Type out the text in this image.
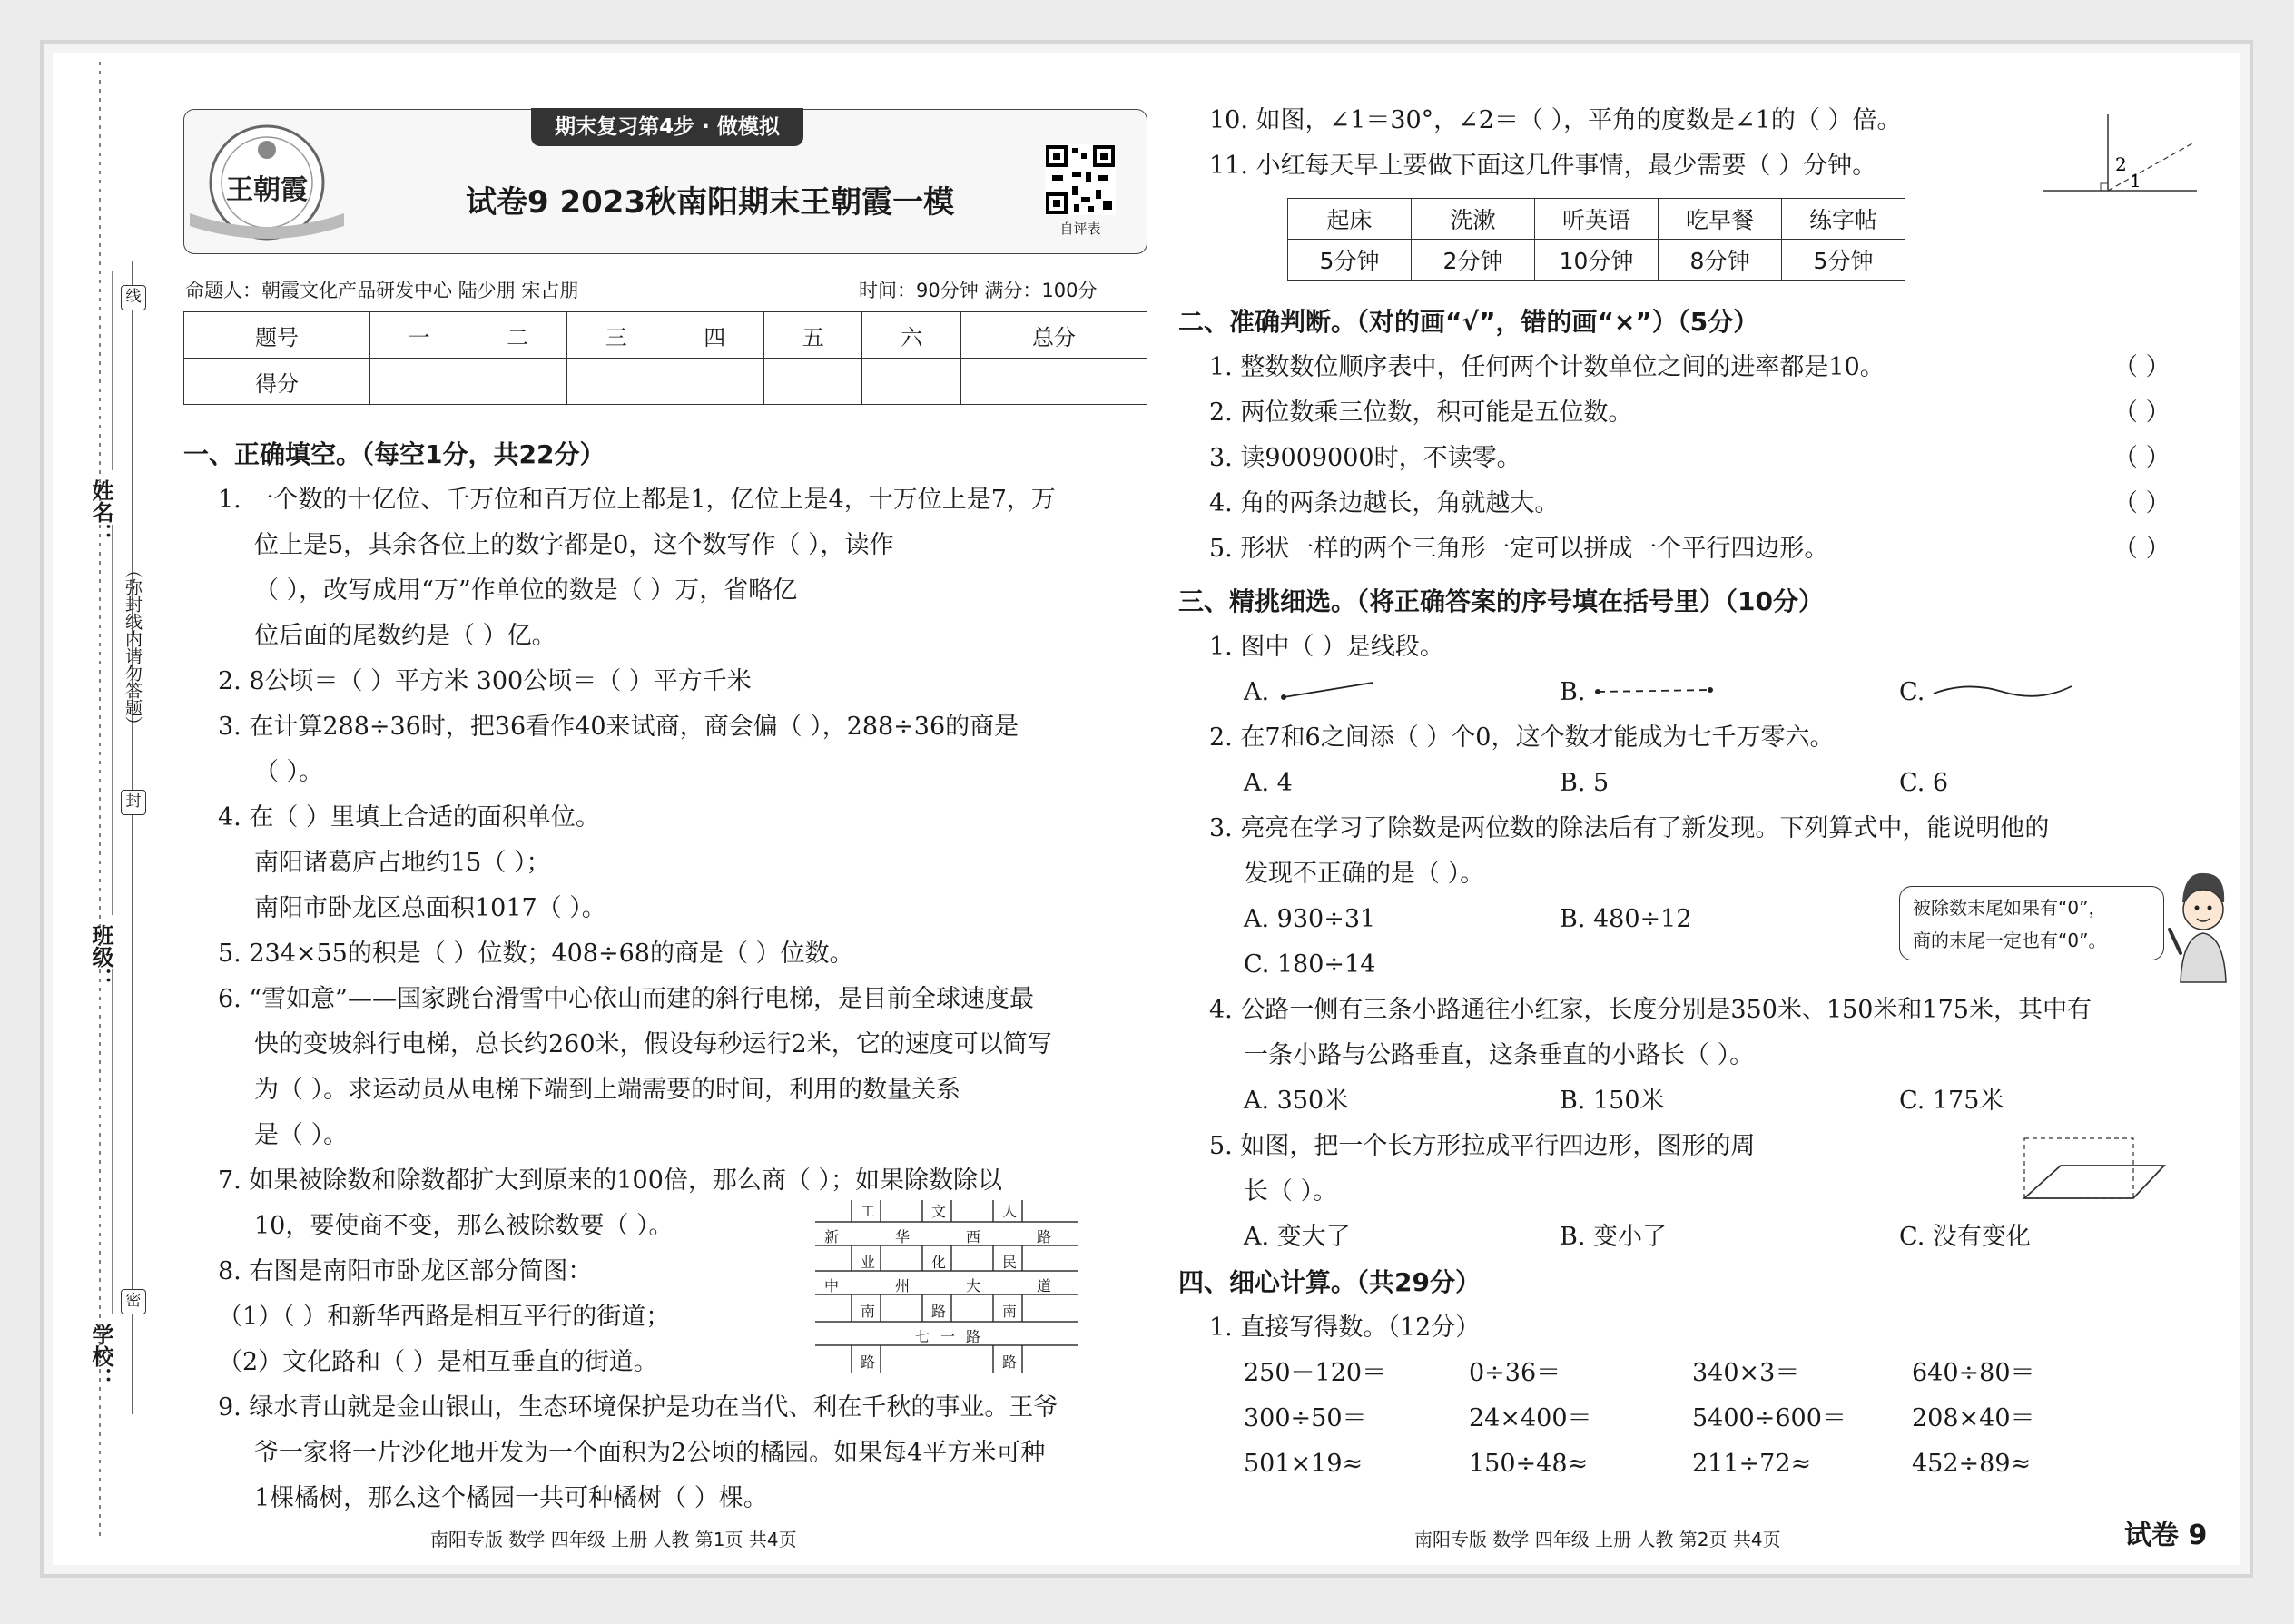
姓名：
班级：
学校：
（弥封线内请勿答题）
线
封
密
期末复习第4步 · 做模拟
王朝霞	试卷9 2023秋南阳期末王朝霞一模
自评表
命题人：朝霞文化产品研发中心 陆少朋 宋占朋	时间：90分钟 满分：100分
题号	一	二	三	四	五	六	总分
得分							
一、正确填空。（每空1分，共22分）
1. 一个数的十亿位、千万位和百万位上都是1，亿位上是4，十万位上是7，万
位上是5，其余各位上的数字都是0，这个数写作（ ），读作
（ ），改写成用“万”作单位的数是（ ）万，省略亿
位后面的尾数约是（ ）亿。
2. 8公顷＝（ ）平方米 300公顷＝（ ）平方千米
3. 在计算288÷36时，把36看作40来试商，商会偏（ ），288÷36的商是
（ ）。
4. 在（ ）里填上合适的面积单位。
南阳诸葛庐占地约15（ ）；
南阳市卧龙区总面积1017（ ）。
5. 234×55的积是（ ）位数；408÷68的商是（ ）位数。
6. “雪如意”——国家跳台滑雪中心依山而建的斜行电梯，是目前全球速度最
快的变坡斜行电梯，总长约260米，假设每秒运行2米，它的速度可以简写
为（ ）。求运动员从电梯下端到上端需要的时间，利用的数量关系
是（ ）。
7. 如果被除数和除数都扩大到原来的100倍，那么商（ ）；如果除数除以
10，要使商不变，那么被除数要（ ）。
8. 右图是南阳市卧龙区部分简图：
（1）（ ）和新华西路是相互平行的街道；
（2）文化路和（ ）是相互垂直的街道。
9. 绿水青山就是金山银山，生态环境保护是功在当代、利在千秋的事业。王爷
爷一家将一片沙化地开发为一个面积为2公顷的橘园。如果每4平方米可种
1棵橘树，那么这个橘园一共可种橘树（ ）棵。
工	文	人
新	华	西	路
业	化	民
中	州	大	道
南	路	南
七 一 路
路	路
南阳专版 数学 四年级 上册 人教 第1页 共4页
10. 如图，∠1＝30°，∠2＝（ ），平角的度数是∠1的（ ）倍。
11. 小红每天早上要做下面这几件事情，最少需要（ ）分钟。	2
1
起床	洗漱	听英语	吃早餐	练字帖
5分钟	2分钟	10分钟	8分钟	5分钟
二、准确判断。（对的画“√”，错的画“×”）（5分）
1. 整数数位顺序表中，任何两个计数单位之间的进率都是10。
2. 两位数乘三位数，积可能是五位数。
3. 读9009000时，不读零。
4. 角的两条边越长，角就越大。
5. 形状一样的两个三角形一定可以拼成一个平行四边形。
（ ）
（ ）
（ ）
（ ）
（ ）
三、精挑细选。（将正确答案的序号填在括号里）（10分）
1. 图中（ ）是线段。
A.	B.	C.
2. 在7和6之间添（ ）个0，这个数才能成为七千万零六。
A. 4	B. 5	C. 6
3. 亮亮在学习了除数是两位数的除法后有了新发现。下列算式中，能说明他的
发现不正确的是（ ）。
A. 930÷31	B. 480÷12
C. 180÷14
被除数末尾如果有“0”，
商的末尾一定也有“0”。
4. 公路一侧有三条小路通往小红家，长度分别是350米、150米和175米，其中有
一条小路与公路垂直，这条垂直的小路长（ ）。
A. 350米	B. 150米	C. 175米
5. 如图，把一个长方形拉成平行四边形，图形的周
长（ ）。
A. 变大了	B. 变小了	C. 没有变化
四、细心计算。（共29分）
1. 直接写得数。（12分）
250－120＝	0÷36＝	340×3＝	640÷80＝
300÷50＝	24×400＝	5400÷600＝	208×40＝
501×19≈	150÷48≈	211÷72≈	452÷89≈
南阳专版 数学 四年级 上册 人教 第2页 共4页	试卷 9
